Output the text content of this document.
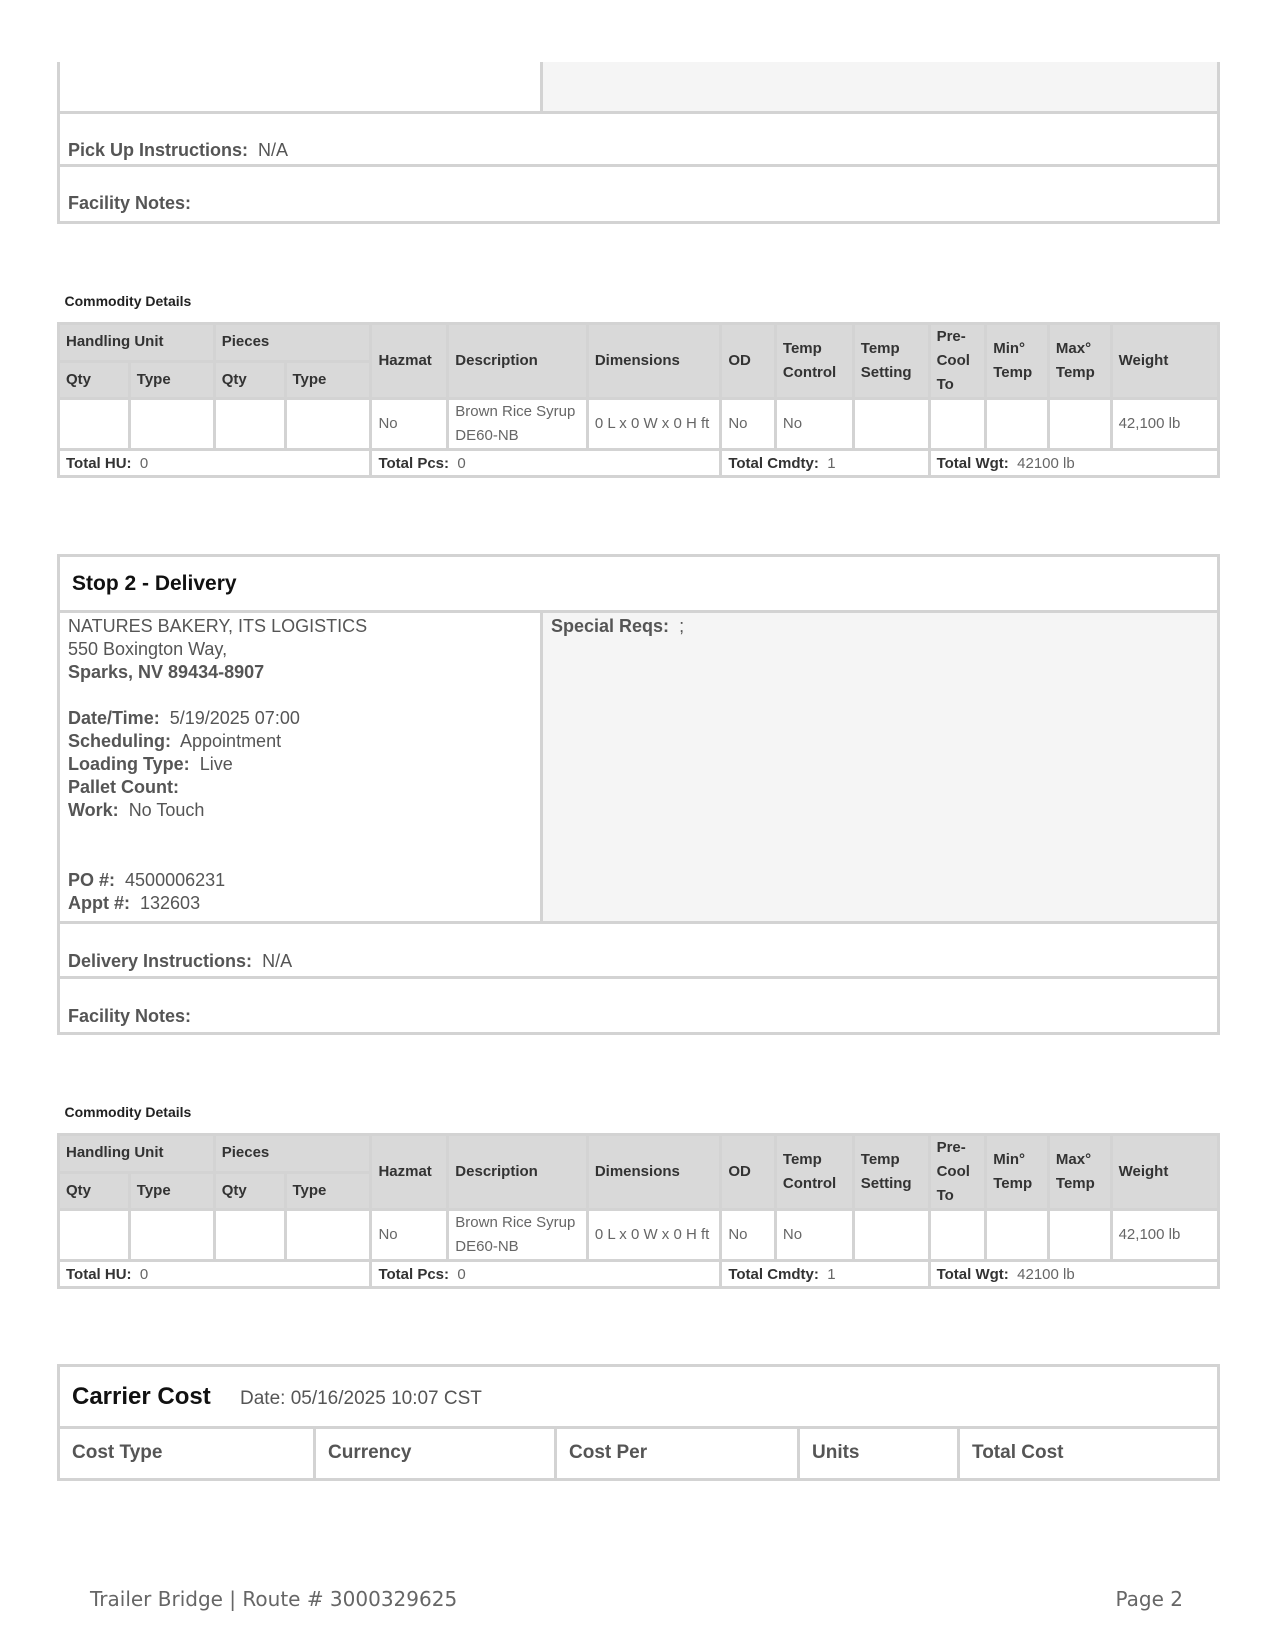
Pick Up Instructions: N/A
Facility Notes:
Commodity Details													
Handling Unit		Pieces		Hazmat	Description	Dimensions	OD	Temp Control	Temp Setting	Pre-Cool To	Min° Temp	Max° Temp	Weight
Qty	Type	Qty	Type										
				No	Brown Rice Syrup DE60-NB	0 L x 0 W x 0 H ft	No	No					42,100 lb
Total HU: 0				Total Pcs: 0			Total Cmdty: 1			Total Wgt: 42100 lb			
Stop 2 - Delivery
NATURES BAKERY, ITS LOGISTICS
550 Boxington Way,
Sparks, NV 89434-8907
Date/Time: 5/19/2025 07:00
Scheduling: Appointment
Loading Type: Live
Pallet Count:
Work: No Touch
PO #: 4500006231
Appt #: 132603
Special Reqs: ;
Delivery Instructions: N/A
Facility Notes:
Commodity Details													
Handling Unit		Pieces		Hazmat	Description	Dimensions	OD	Temp Control	Temp Setting	Pre-Cool To	Min° Temp	Max° Temp	Weight
Qty	Type	Qty	Type										
				No	Brown Rice Syrup DE60-NB	0 L x 0 W x 0 H ft	No	No					42,100 lb
Total HU: 0				Total Pcs: 0			Total Cmdty: 1			Total Wgt: 42100 lb			
Carrier Cost Date: 05/16/2025 10:07 CST
Cost Type	Currency	Cost Per	Units	Total Cost
Trailer Bridge | Route # 3000329625	Page 2
